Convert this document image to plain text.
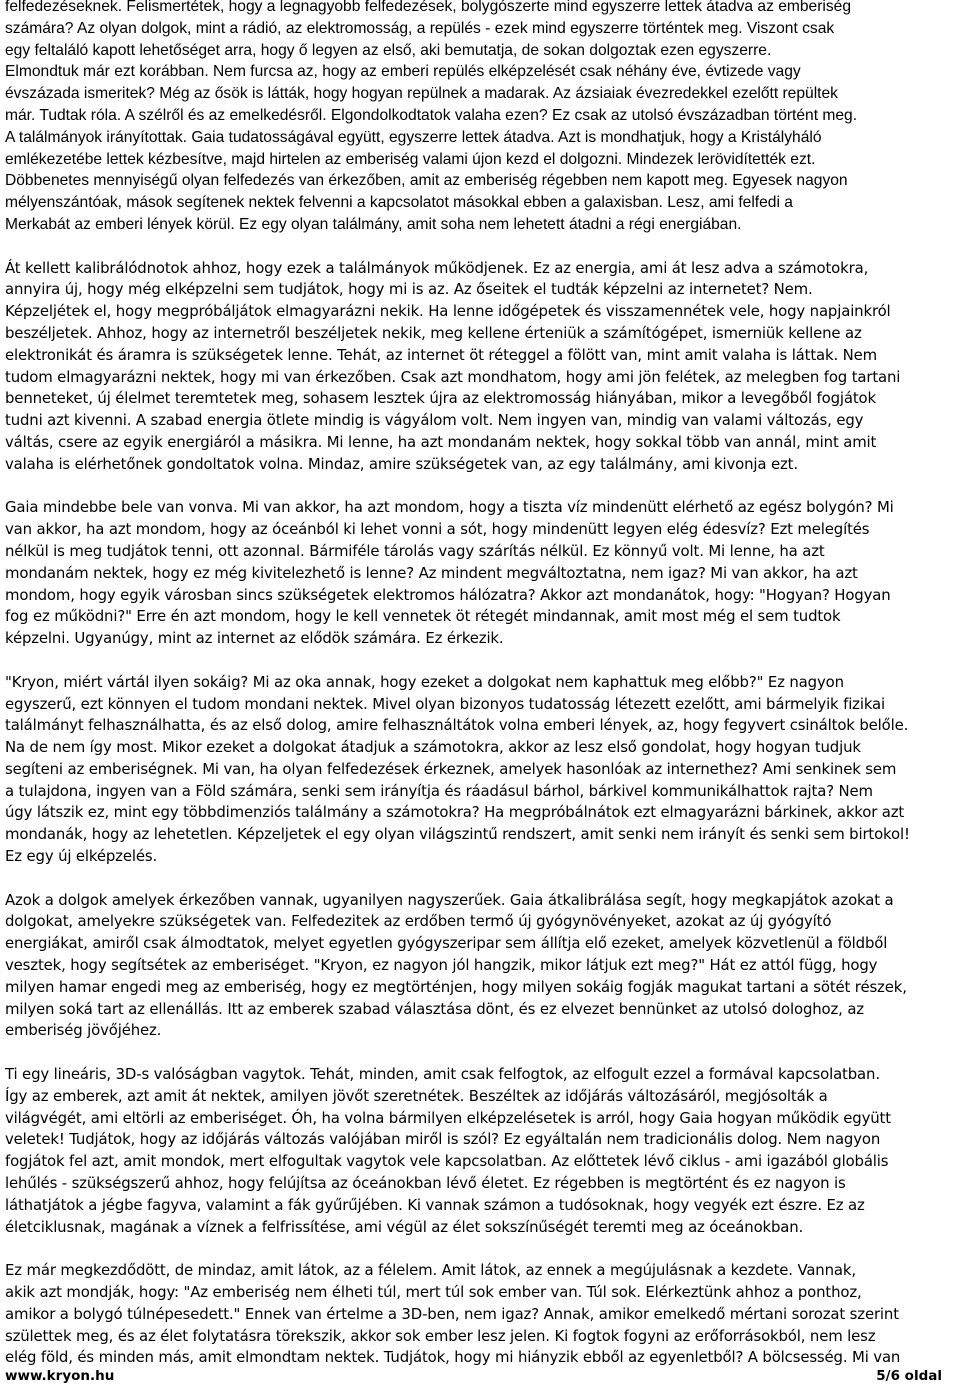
felfedezéseknek. Felismertétek, hogy a legnagyobb felfedezések, bolygószerte mind egyszerre lettek átadva az emberiség
számára? Az olyan dolgok, mint a rádió, az elektromosság, a repülés - ezek mind egyszerre történtek meg. Viszont csak
egy feltaláló kapott lehetőséget arra, hogy ő legyen az első, aki bemutatja, de sokan dolgoztak ezen egyszerre.
Elmondtuk már ezt korábban. Nem furcsa az, hogy az emberi repülés elképzelését csak néhány éve, évtizede vagy
évszázada ismeritek? Még az ősök is látták, hogy hogyan repülnek a madarak. Az ázsiaiak évezredekkel ezelőtt repültek
már. Tudtak róla. A szélről és az emelkedésről. Elgondolkodtatok valaha ezen? Ez csak az utolsó évszázadban történt meg.
A találmányok irányítottak. Gaia tudatosságával együtt, egyszerre lettek átadva. Azt is mondhatjuk, hogy a Kristályháló
emlékezetébe lettek kézbesítve, majd hirtelen az emberiség valami újon kezd el dolgozni. Mindezek lerövidítették ezt.
Döbbenetes mennyiségű olyan felfedezés van érkezőben, amit az emberiség régebben nem kapott meg. Egyesek nagyon
mélyenszántóak, mások segítenek nektek felvenni a kapcsolatot másokkal ebben a galaxisban. Lesz, ami felfedi a
Merkabát az emberi lények körül. Ez egy olyan találmány, amit soha nem lehetett átadni a régi energiában.
Át kellett kalibrálódnotok ahhoz, hogy ezek a találmányok működjenek. Ez az energia, ami át lesz adva a számotokra,
annyira új, hogy még elképzelni sem tudjátok, hogy mi is az. Az őseitek el tudták képzelni az internetet? Nem.
Képzeljétek el, hogy megpróbáljátok elmagyarázni nekik. Ha lenne időgépetek és visszamennétek vele, hogy napjainkról
beszéljetek. Ahhoz, hogy az internetről beszéljetek nekik, meg kellene érteniük a számítógépet, ismerniük kellene az
elektronikát és áramra is szükségetek lenne. Tehát, az internet öt réteggel a fölött van, mint amit valaha is láttak. Nem
tudom elmagyarázni nektek, hogy mi van érkezőben. Csak azt mondhatom, hogy ami jön felétek, az melegben fog tartani
benneteket, új élelmet teremtetek meg, sohasem lesztek újra az elektromosság hiányában, mikor a levegőből fogjátok
tudni azt kivenni. A szabad energia ötlete mindig is vágyálom volt. Nem ingyen van, mindig van valami változás, egy
váltás, csere az egyik energiáról a másikra. Mi lenne, ha azt mondanám nektek, hogy sokkal több van annál, mint amit
valaha is elérhetőnek gondoltatok volna. Mindaz, amire szükségetek van, az egy találmány, ami kivonja ezt.
Gaia mindebbe bele van vonva. Mi van akkor, ha azt mondom, hogy a tiszta víz mindenütt elérhető az egész bolygón? Mi
van akkor, ha azt mondom, hogy az óceánból ki lehet vonni a sót, hogy mindenütt legyen elég édesvíz? Ezt melegítés
nélkül is meg tudjátok tenni, ott azonnal. Bármiféle tárolás vagy szárítás nélkül. Ez könnyű volt. Mi lenne, ha azt
mondanám nektek, hogy ez még kivitelezhető is lenne? Az mindent megváltoztatna, nem igaz? Mi van akkor, ha azt
mondom, hogy egyik városban sincs szükségetek elektromos hálózatra? Akkor azt mondanátok, hogy: "Hogyan? Hogyan
fog ez működni?" Erre én azt mondom, hogy le kell vennetek öt rétegét mindannak, amit most még el sem tudtok
képzelni. Ugyanúgy, mint az internet az elődök számára. Ez érkezik.
"Kryon, miért vártál ilyen sokáig? Mi az oka annak, hogy ezeket a dolgokat nem kaphattuk meg előbb?" Ez nagyon
egyszerű, ezt könnyen el tudom mondani nektek. Mivel olyan bizonyos tudatosság létezett ezelőtt, ami bármelyik fizikai
találmányt felhasználhatta, és az első dolog, amire felhasználtátok volna emberi lények, az, hogy fegyvert csináltok belőle.
Na de nem így most. Mikor ezeket a dolgokat átadjuk a számotokra, akkor az lesz első gondolat, hogy hogyan tudjuk
segíteni az emberiségnek. Mi van, ha olyan felfedezések érkeznek, amelyek hasonlóak az internethez? Ami senkinek sem
a tulajdona, ingyen van a Föld számára, senki sem irányítja és ráadásul bárhol, bárkivel kommunikálhattok rajta? Nem
úgy látszik ez, mint egy többdimenziós találmány a számotokra? Ha megpróbálnátok ezt elmagyarázni bárkinek, akkor azt
mondanák, hogy az lehetetlen. Képzeljetek el egy olyan világszintű rendszert, amit senki nem irányít és senki sem birtokol!
Ez egy új elképzelés.
Azok a dolgok amelyek érkezőben vannak, ugyanilyen nagyszerűek. Gaia átkalibrálása segít, hogy megkapjátok azokat a
dolgokat, amelyekre szükségetek van. Felfedezitek az erdőben termő új gyógynövényeket, azokat az új gyógyító
energiákat, amiről csak álmodtatok, melyet egyetlen gyógyszeripar sem állítja elő ezeket, amelyek közvetlenül a földből
vesztek, hogy segítsétek az emberiséget. "Kryon, ez nagyon jól hangzik, mikor látjuk ezt meg?" Hát ez attól függ, hogy
milyen hamar engedi meg az emberiség, hogy ez megtörténjen, hogy milyen sokáig fogják magukat tartani a sötét részek,
milyen soká tart az ellenállás. Itt az emberek szabad választása dönt, és ez elvezet bennünket az utolsó dologhoz, az
emberiség jövőjéhez.
Ti egy lineáris, 3D-s valóságban vagytok. Tehát, minden, amit csak felfogtok, az elfogult ezzel a formával kapcsolatban.
Így az emberek, azt amit át nektek, amilyen jövőt szeretnétek. Beszéltek az időjárás változásáról, megjósolták a
világvégét, ami eltörli az emberiséget. Óh, ha volna bármilyen elképzelésetek is arról, hogy Gaia hogyan működik együtt
veletek! Tudjátok, hogy az időjárás változás valójában miről is szól? Ez egyáltalán nem tradicionális dolog. Nem nagyon
fogjátok fel azt, amit mondok, mert elfogultak vagytok vele kapcsolatban. Az előttetek lévő ciklus - ami igazából globális
lehűlés - szükségszerű ahhoz, hogy felújítsa az óceánokban lévő életet. Ez régebben is megtörtént és ez nagyon is
láthatjátok a jégbe fagyva, valamint a fák gyűrűjében. Ki vannak számon a tudósoknak, hogy vegyék ezt észre. Ez az
életciklusnak, magának a víznek a felfrissítése, ami végül az élet sokszínűségét teremti meg az óceánokban.
Ez már megkezdődött, de mindaz, amit látok, az a félelem. Amit látok, az ennek a megújulásnak a kezdete. Vannak,
akik azt mondják, hogy: "Az emberiség nem élheti túl, mert túl sok ember van. Túl sok. Elérkeztünk ahhoz a ponthoz,
amikor a bolygó túlnépesedett." Ennek van értelme a 3D-ben, nem igaz? Annak, amikor emelkedő mértani sorozat szerint
születtek meg, és az élet folytatásra törekszik, akkor sok ember lesz jelen. Ki fogtok fogyni az erőforrásokból, nem lesz
elég föld, és minden más, amit elmondtam nektek. Tudjátok, hogy mi hiányzik ebből az egyenletből? A bölcsesség. Mi van
www.kryon.hu	5/6 oldal
